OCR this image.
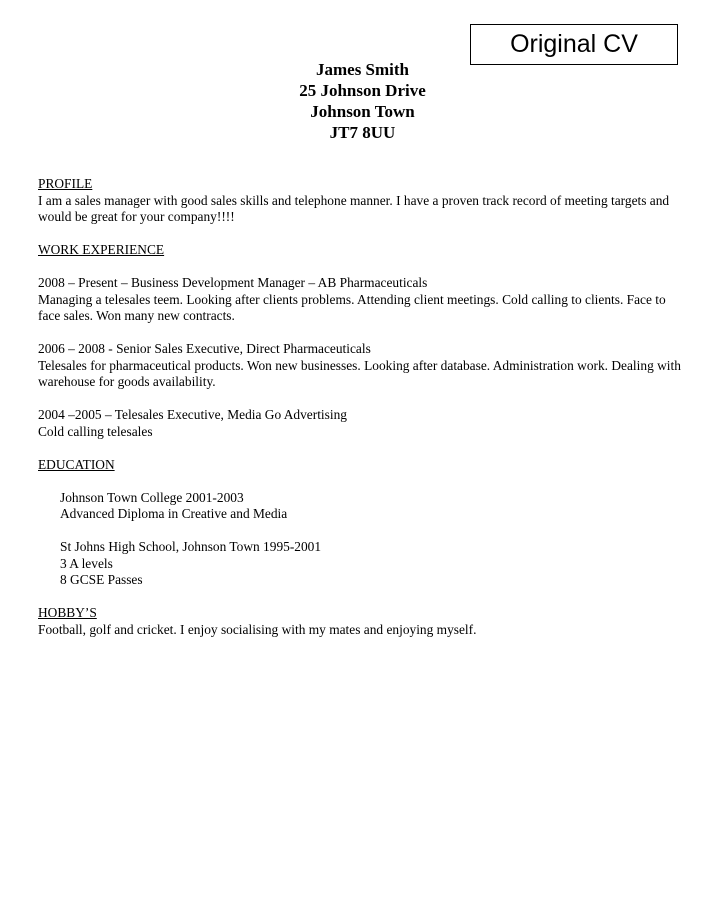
Original CV
James Smith
25 Johnson Drive
Johnson Town
JT7 8UU
PROFILE
I am a sales manager with good sales skills and telephone manner. I have a proven track record of meeting targets and would be great for your company!!!!
WORK EXPERIENCE
2008 – Present – Business Development Manager – AB Pharmaceuticals
Managing a telesales teem. Looking after clients problems. Attending client meetings. Cold calling to clients. Face to face sales. Won many new contracts.
2006 – 2008 - Senior Sales Executive, Direct Pharmaceuticals
Telesales for pharmaceutical products. Won new businesses. Looking after database. Administration work. Dealing with warehouse for goods availability.
2004 –2005 – Telesales Executive, Media Go Advertising
Cold calling telesales
EDUCATION
Johnson Town College 2001-2003
Advanced Diploma in Creative and Media
St Johns High School, Johnson Town 1995-2001
3 A levels
8 GCSE Passes
HOBBY’S
Football, golf and cricket. I enjoy socialising with my mates and enjoying myself.
